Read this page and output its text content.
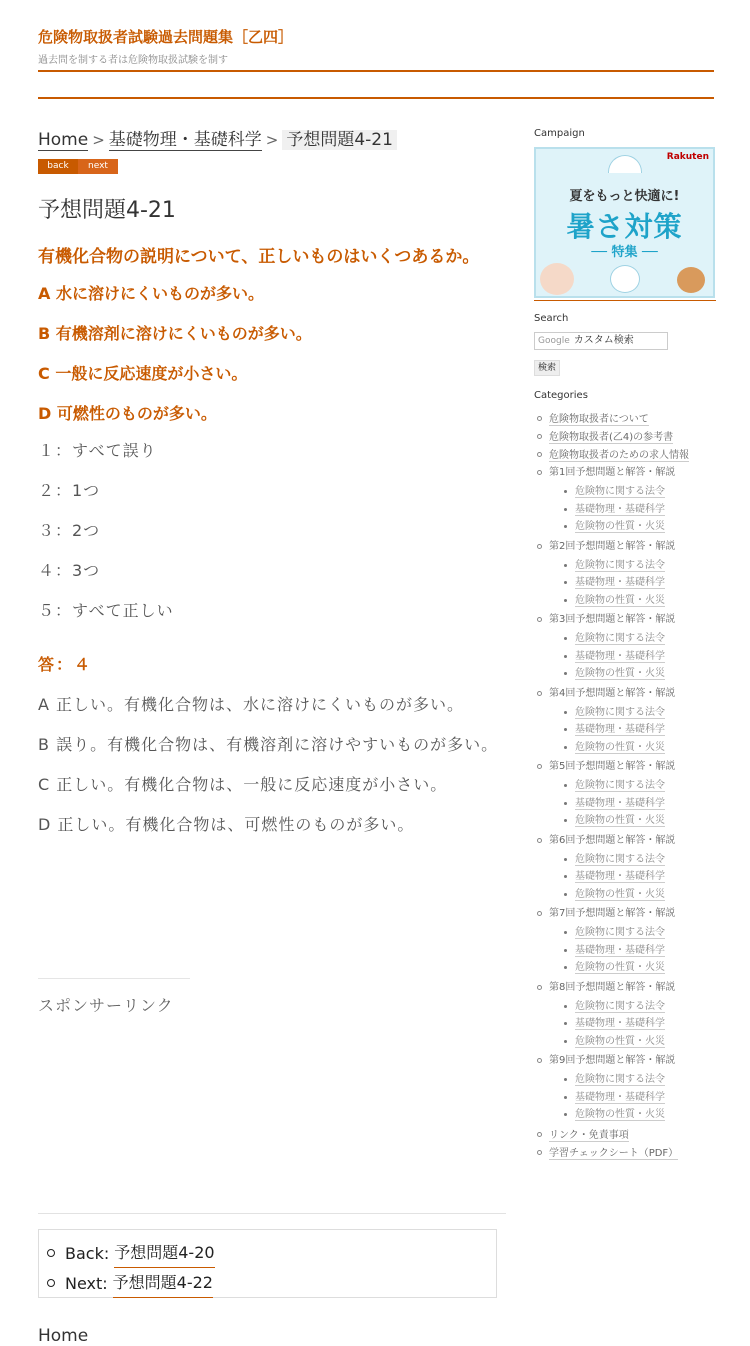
危険物取扱者試験過去問題集［乙四］
過去問を制する者は危険物取扱試験を制す
Home > 基礎物理・基礎科学 > 予想問題4-21
back	next
予想問題4-21
有機化合物の説明について、正しいものはいくつあるか。
A 水に溶けにくいものが多い。
B 有機溶剤に溶けにくいものが多い。
C 一般に反応速度が小さい。
D 可燃性のものが多い。
１：すべて誤り
２：1つ
３：2つ
４：3つ
５：すべて正しい
答：４
A 正しい。有機化合物は、水に溶けにくいものが多い。
B 誤り。有機化合物は、有機溶剤に溶けやすいものが多い。
C 正しい。有機化合物は、一般に反応速度が小さい。
D 正しい。有機化合物は、可燃性のものが多い。
スポンサーリンク
Back: 予想問題4-20
Next: 予想問題4-22
Home
Campaign
Rakuten
夏をもっと快適に!
暑さ対策
── 特集 ──
Search
Google カスタム検索
検索
Categories
危険物取扱者について
危険物取扱者(乙4)の参考書
危険物取扱者のための求人情報
第1回予想問題と解答・解説
危険物に関する法令
基礎物理・基礎科学
危険物の性質・火災
第2回予想問題と解答・解説
危険物に関する法令
基礎物理・基礎科学
危険物の性質・火災
第3回予想問題と解答・解説
危険物に関する法令
基礎物理・基礎科学
危険物の性質・火災
第4回予想問題と解答・解説
危険物に関する法令
基礎物理・基礎科学
危険物の性質・火災
第5回予想問題と解答・解説
危険物に関する法令
基礎物理・基礎科学
危険物の性質・火災
第6回予想問題と解答・解説
危険物に関する法令
基礎物理・基礎科学
危険物の性質・火災
第7回予想問題と解答・解説
危険物に関する法令
基礎物理・基礎科学
危険物の性質・火災
第8回予想問題と解答・解説
危険物に関する法令
基礎物理・基礎科学
危険物の性質・火災
第9回予想問題と解答・解説
危険物に関する法令
基礎物理・基礎科学
危険物の性質・火災
リンク・免責事項
学習チェックシート（PDF）
